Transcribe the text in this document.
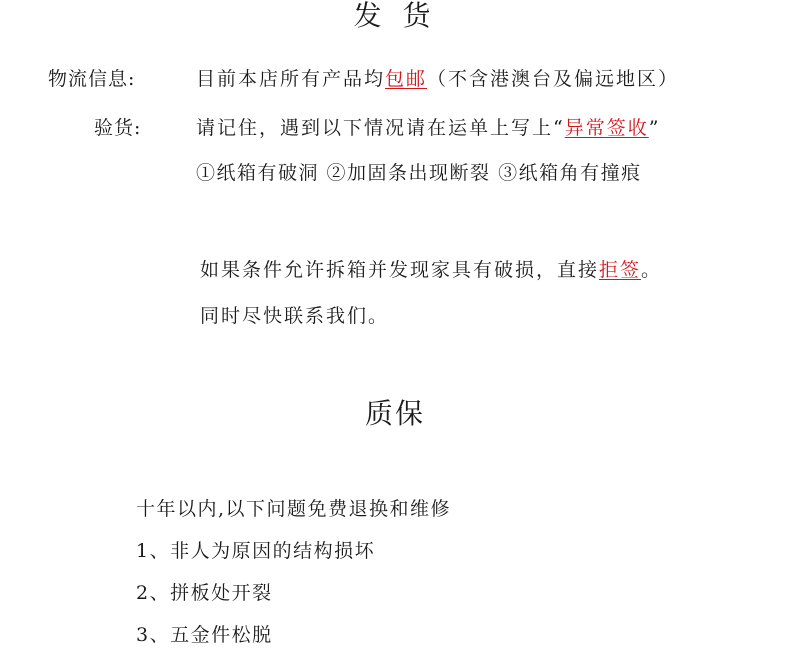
发 货
物流信息:	目前本店所有产品均包邮（不含港澳台及偏远地区）
验货:	请记住，遇到以下情况请在运单上写上“异常签收”
①纸箱有破洞 ②加固条出现断裂 ③纸箱角有撞痕
如果条件允许拆箱并发现家具有破损，直接拒签。
同时尽快联系我们。
质保
十年以内,以下问题免费退换和维修
1、非人为原因的结构损坏
2、拼板处开裂
3、五金件松脱
